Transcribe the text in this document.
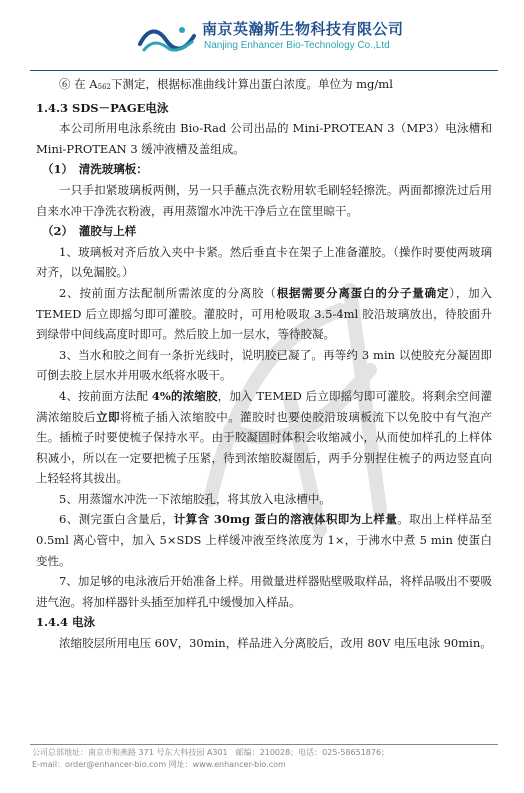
南京英瀚斯生物科技有限公司
Nanjing Enhancer Bio-Technology Co.,Ltd

⑥ 在 A562下测定，根据标准曲线计算出蛋白浓度。单位为 mg/ml

1.4.3 SDS－PAGE电泳

本公司所用电泳系统由 Bio-Rad 公司出品的 Mini-PROTEAN 3（MP3）电泳槽和 Mini-PROTEAN 3 缓冲液槽及盖组成。

（1）　清洗玻璃板：

一只手扣紧玻璃板两侧，另一只手蘸点洗衣粉用软毛刷轻轻擦洗。两面都擦洗过后用自来水冲干净洗衣粉液，再用蒸馏水冲洗干净后立在筐里晾干。

（2）　灌胶与上样

1、玻璃板对齐后放入夹中卡紧。然后垂直卡在架子上准备灌胶。（操作时要使两玻璃对齐，以免漏胶。）

2、按前面方法配制所需浓度的分离胶（根据需要分离蛋白的分子量确定），加入 TEMED 后立即摇匀即可灌胶。灌胶时，可用枪吸取 3.5-4ml 胶沿玻璃放出，待胶面升到绿带中间线高度时即可。然后胶上加一层水，等待胶凝。

3、当水和胶之间有一条折光线时，说明胶已凝了。再等约 3 min 以使胶充分凝固即可倒去胶上层水并用吸水纸将水吸干。

4、按前面方法配 4%的浓缩胶，加入 TEMED 后立即摇匀即可灌胶。将剩余空间灌满浓缩胶后立即将梳子插入浓缩胶中。灌胶时也要使胶沿玻璃板流下以免胶中有气泡产生。插梳子时要使梳子保持水平。由于胶凝固时体积会收缩减小，从而使加样孔的上样体积减小，所以在一定要把梳子压紧，待到浓缩胶凝固后，两手分别捏住梳子的两边竖直向上轻轻将其拔出。

5、用蒸馏水冲洗一下浓缩胶孔，将其放入电泳槽中。

6、测完蛋白含量后，计算含 30mg 蛋白的溶液体积即为上样量。取出上样样品至 0.5ml 离心管中，加入 5×SDS 上样缓冲液至终浓度为 1×，于沸水中煮 5 min 使蛋白变性。

7、加足够的电泳液后开始准备上样。用微量进样器贴壁吸取样品，将样品吸出不要吸进气泡。将加样器针头插至加样孔中缓慢加入样品。

1.4.4 电泳

浓缩胶层所用电压 60V，30min，样品进入分离胶后，改用 80V 电压电泳 90min。

公司总部地址：南京市和燕路 371 号东大科技园 A301　邮编：210028；电话：025-58651876；
E-mail：order@enhancer-bio.com 网址：www.enhancer-bio.com
